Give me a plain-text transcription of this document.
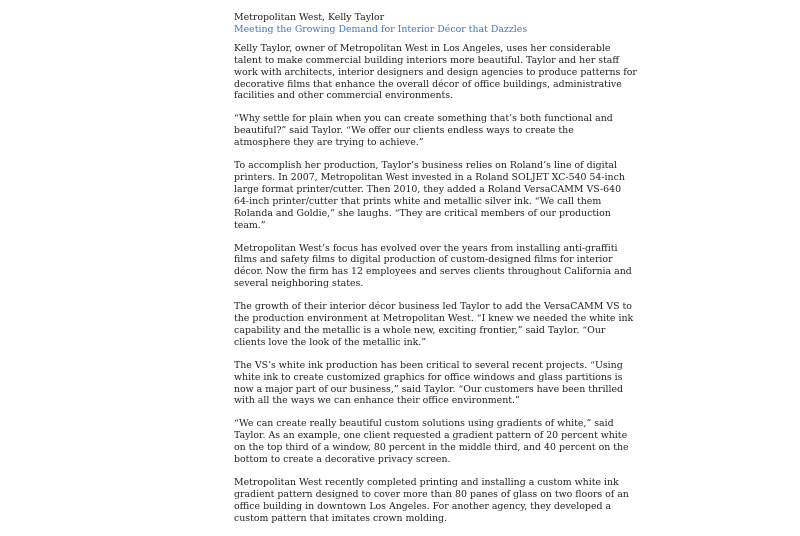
Metropolitan West, Kelly Taylor

Meeting the Growing Demand for Interior Décor that Dazzles

Kelly Taylor, owner of Metropolitan West in Los Angeles, uses her considerable
talent to make commercial building interiors more beautiful. Taylor and her staff
work with architects, interior designers and design agencies to produce patterns for
decorative films that enhance the overall décor of office buildings, administrative
facilities and other commercial environments.
“Why settle for plain when you can create something that’s both functional and
beautiful?” said Taylor. “We offer our clients endless ways to create the
atmosphere they are trying to achieve.”
To accomplish her production, Taylor’s business relies on Roland’s line of digital
printers. In 2007, Metropolitan West invested in a Roland SOLJET XC-540 54-inch
large format printer/cutter. Then 2010, they added a Roland VersaCAMM VS-640
64-inch printer/cutter that prints white and metallic silver ink. “We call them
Rolanda and Goldie,” she laughs. “They are critical members of our production
team.”
Metropolitan West’s focus has evolved over the years from installing anti-graffiti
films and safety films to digital production of custom-designed films for interior
décor. Now the firm has 12 employees and serves clients throughout California and
several neighboring states.
The growth of their interior décor business led Taylor to add the VersaCAMM VS to
the production environment at Metropolitan West. “I knew we needed the white ink
capability and the metallic is a whole new, exciting frontier,” said Taylor. “Our
clients love the look of the metallic ink.”
The VS’s white ink production has been critical to several recent projects. “Using
white ink to create customized graphics for office windows and glass partitions is
now a major part of our business,” said Taylor. “Our customers have been thrilled
with all the ways we can enhance their office environment.”
“We can create really beautiful custom solutions using gradients of white,” said
Taylor. As an example, one client requested a gradient pattern of 20 percent white
on the top third of a window, 80 percent in the middle third, and 40 percent on the
bottom to create a decorative privacy screen.
Metropolitan West recently completed printing and installing a custom white ink
gradient pattern designed to cover more than 80 panes of glass on two floors of an
office building in downtown Los Angeles. For another agency, they developed a
custom pattern that imitates crown molding.
